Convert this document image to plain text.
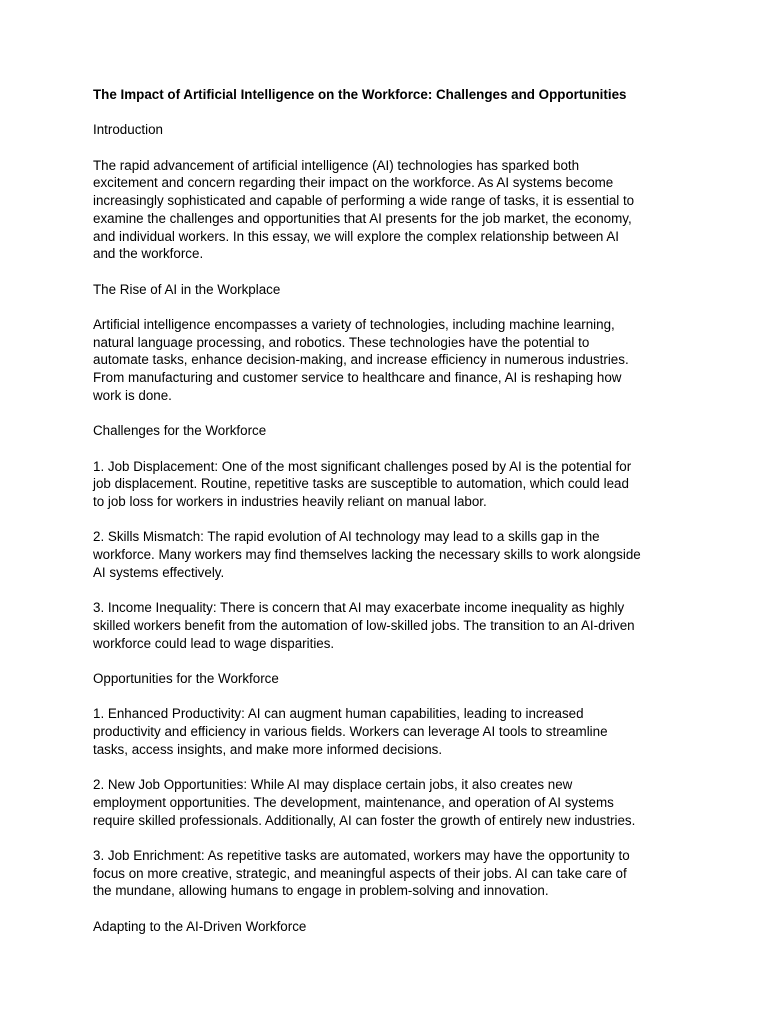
The Impact of Artificial Intelligence on the Workforce: Challenges and Opportunities
Introduction
The rapid advancement of artificial intelligence (AI) technologies has sparked both
excitement and concern regarding their impact on the workforce. As AI systems become
increasingly sophisticated and capable of performing a wide range of tasks, it is essential to
examine the challenges and opportunities that AI presents for the job market, the economy,
and individual workers. In this essay, we will explore the complex relationship between AI
and the workforce.
The Rise of AI in the Workplace
Artificial intelligence encompasses a variety of technologies, including machine learning,
natural language processing, and robotics. These technologies have the potential to
automate tasks, enhance decision-making, and increase efficiency in numerous industries.
From manufacturing and customer service to healthcare and finance, AI is reshaping how
work is done.
Challenges for the Workforce
1. Job Displacement: One of the most significant challenges posed by AI is the potential for
job displacement. Routine, repetitive tasks are susceptible to automation, which could lead
to job loss for workers in industries heavily reliant on manual labor.
2. Skills Mismatch: The rapid evolution of AI technology may lead to a skills gap in the
workforce. Many workers may find themselves lacking the necessary skills to work alongside
AI systems effectively.
3. Income Inequality: There is concern that AI may exacerbate income inequality as highly
skilled workers benefit from the automation of low-skilled jobs. The transition to an AI-driven
workforce could lead to wage disparities.
Opportunities for the Workforce
1. Enhanced Productivity: AI can augment human capabilities, leading to increased
productivity and efficiency in various fields. Workers can leverage AI tools to streamline
tasks, access insights, and make more informed decisions.
2. New Job Opportunities: While AI may displace certain jobs, it also creates new
employment opportunities. The development, maintenance, and operation of AI systems
require skilled professionals. Additionally, AI can foster the growth of entirely new industries.
3. Job Enrichment: As repetitive tasks are automated, workers may have the opportunity to
focus on more creative, strategic, and meaningful aspects of their jobs. AI can take care of
the mundane, allowing humans to engage in problem-solving and innovation.
Adapting to the AI-Driven Workforce
